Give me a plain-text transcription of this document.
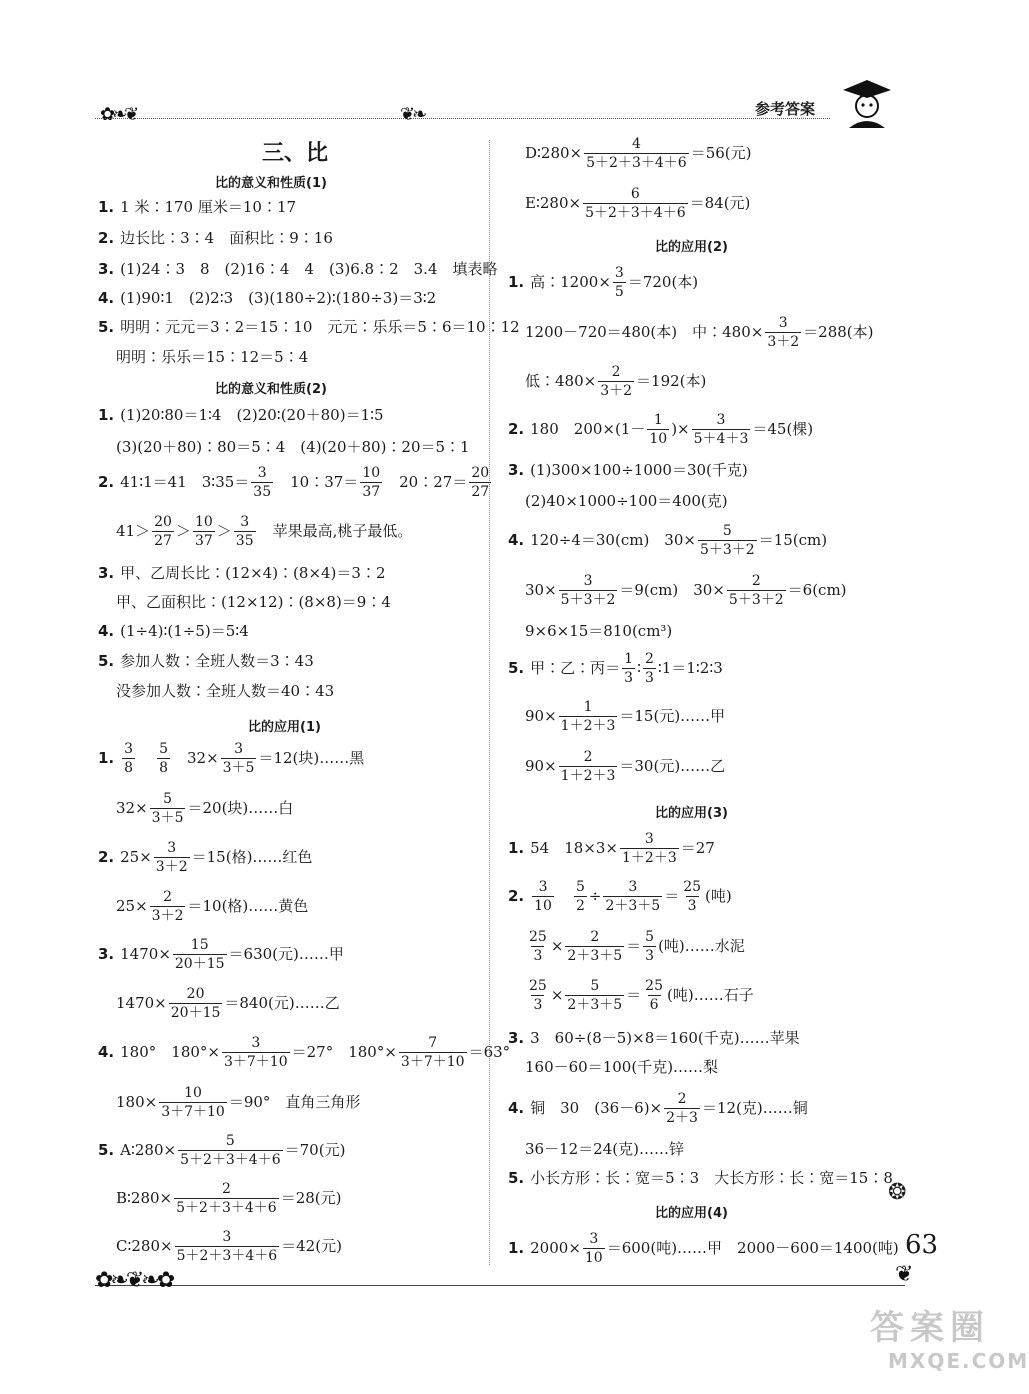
✿❧❦	❦❧	参考答案
✿❧❦❧✿	❦
❂
63
答案圈
MXQE.COM
三、比
比的意义和性质(1)
1. 1 米∶170 厘米＝10∶17
2. 边长比∶3∶4　面积比∶9∶16
3. (1)24∶3　8　(2)16∶4　4　(3)6.8∶2　3.4　填表略
4. (1)90∶1　(2)2∶3　(3)(180÷2)∶(180÷3)＝3∶2
5. 明明∶元元＝3∶2＝15∶10　元元∶乐乐＝5∶6＝10∶12
明明∶乐乐＝15∶12＝5∶4
比的意义和性质(2)
1. (1)20∶80＝1∶4　(2)20∶(20＋80)＝1∶5
(3)(20＋80)∶80＝5∶4　(4)(20＋80)∶20＝5∶1
2. 41∶1＝41　3∶35＝ $\frac{3}{35}$ 　10∶37＝ $\frac{10}{37}$ 　20∶27＝ $\frac{20}{27}$
$41> \frac{20}{27} > \frac{10}{37} > \frac{3}{35}$ 　苹果最高,桃子最低。
3. 甲、乙周长比∶(12×4)∶(8×4)＝3∶2
甲、乙面积比∶(12×12)∶(8×8)＝9∶4
4. (1÷4)∶(1÷5)＝5∶4
5. 参加人数∶全班人数＝3∶43
没参加人数∶全班人数＝40∶43
比的应用(1)
1. $\frac{3}{8} \frac{5}{8}$ 　$32\times \frac{3}{3+5} =12$(块)……黑
$32\times \frac{5}{3+5} =20$(块)……白
2. $25\times \frac{3}{3+2} =15$(格)……红色
$25\times \frac{2}{3+2} =10$(格)……黄色
3. $1470\times \frac{15}{20+15} =630$(元)……甲
$1470\times \frac{20}{20+15} =840$(元)……乙
4. 180°　$180^\circ\times \frac{3}{3+7+10} =27^\circ$　$180^\circ\times \frac{7}{3+7+10} =63^\circ$
$180\times \frac{10}{3+7+10} =90^\circ$　直角三角形
5. A∶280× $\frac{5}{5+2+3+4+6} =70$(元)
B∶280× $\frac{2}{5+2+3+4+6} =28$(元)
C∶280× $\frac{3}{5+2+3+4+6} =42$(元)
D∶280× $\frac{4}{5+2+3+4+6} =56$(元)
E∶280× $\frac{6}{5+2+3+4+6} =84$(元)
比的应用(2)
1. 高∶1200× $\frac{3}{5} =720$(本)
1200－720＝480(本)　中∶480× $\frac{3}{3+2} =288$(本)
低∶480× $\frac{2}{3+2} =192$(本)
2. 180　$200\times(1- \frac{1}{10}$ )× $\frac{3}{5+4+3} =45$(棵)
3. (1)300×100÷1000＝30(千克)
(2)40×1000÷100＝400(克)
4. 120÷4＝30(cm)　$30\times \frac{5}{5+3+2} =15(cm)$
$30\times \frac{3}{5+3+2} =9(cm)$　$30\times \frac{2}{5+3+2} =6(cm)$
9×6×15＝810(cm³)
5. 甲∶乙∶丙＝ $\frac{1}{3}$ ∶ $\frac{2}{3}$ ∶1＝1∶2∶3
$90\times \frac{1}{1+2+3} =15$(元)……甲
$90\times \frac{2}{1+2+3} =30$(元)……乙
比的应用(3)
1. 54　$18\times 3\times \frac{3}{1+2+3} =27$
2. $\frac{3}{10} \frac{5}{2} \div \frac{3}{2+3+5} = \frac{25}{3}$ (吨)
$\frac{25}{3} \times \frac{2}{2+3+5} = \frac{5}{3}$ (吨)……水泥
$\frac{25}{3} \times \frac{5}{2+3+5} = \frac{25}{6}$ (吨)……石子
3. 3　60÷(8－5)×8＝160(千克)……苹果
160－60＝100(千克)……梨
4. 铜　30　$(36-6)\times \frac{2}{2+3} =12$(克)……铜
36－12＝24(克)……锌
5. 小长方形∶长∶宽＝5∶3　大长方形∶长∶宽＝15∶8
比的应用(4)
1. $2000\times \frac{3}{10} =600$(吨)……甲　2000－600＝1400(吨)
